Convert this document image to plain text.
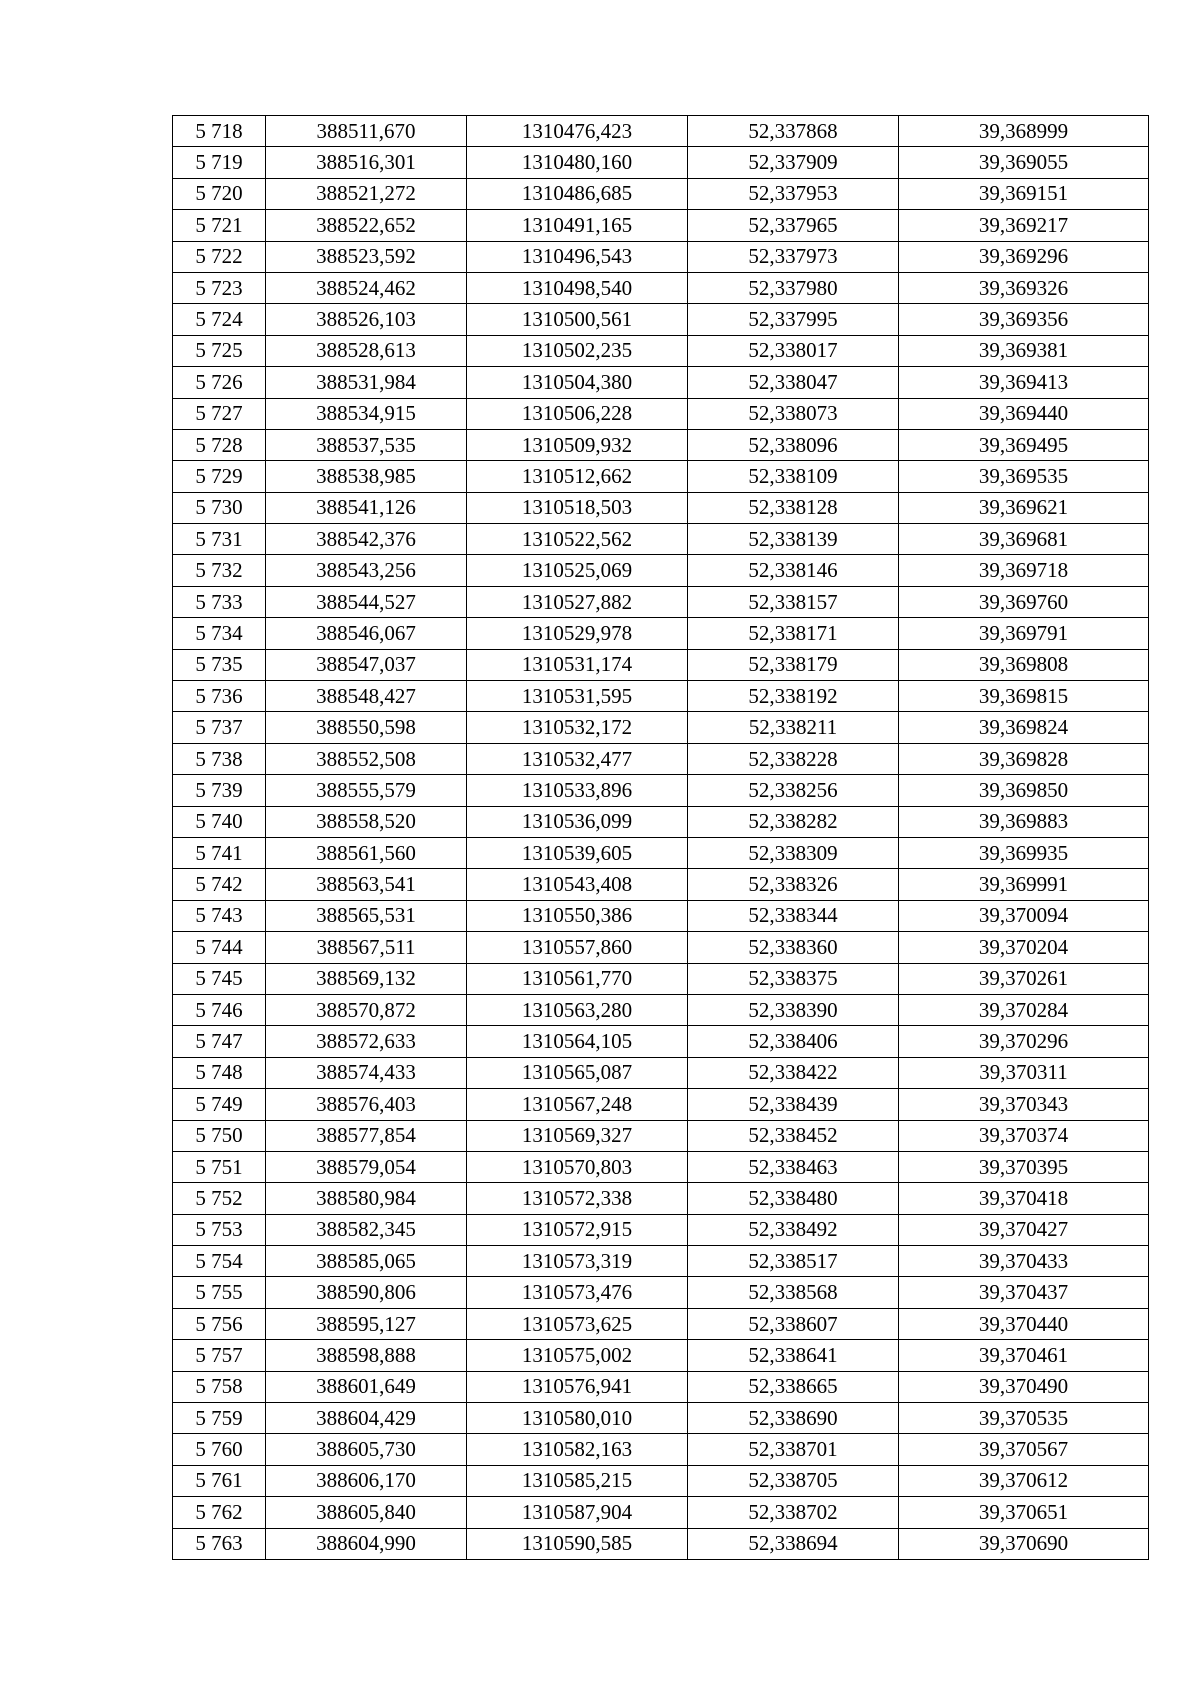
5 718	388511,670	1310476,423	52,337868	39,368999
5 719	388516,301	1310480,160	52,337909	39,369055
5 720	388521,272	1310486,685	52,337953	39,369151
5 721	388522,652	1310491,165	52,337965	39,369217
5 722	388523,592	1310496,543	52,337973	39,369296
5 723	388524,462	1310498,540	52,337980	39,369326
5 724	388526,103	1310500,561	52,337995	39,369356
5 725	388528,613	1310502,235	52,338017	39,369381
5 726	388531,984	1310504,380	52,338047	39,369413
5 727	388534,915	1310506,228	52,338073	39,369440
5 728	388537,535	1310509,932	52,338096	39,369495
5 729	388538,985	1310512,662	52,338109	39,369535
5 730	388541,126	1310518,503	52,338128	39,369621
5 731	388542,376	1310522,562	52,338139	39,369681
5 732	388543,256	1310525,069	52,338146	39,369718
5 733	388544,527	1310527,882	52,338157	39,369760
5 734	388546,067	1310529,978	52,338171	39,369791
5 735	388547,037	1310531,174	52,338179	39,369808
5 736	388548,427	1310531,595	52,338192	39,369815
5 737	388550,598	1310532,172	52,338211	39,369824
5 738	388552,508	1310532,477	52,338228	39,369828
5 739	388555,579	1310533,896	52,338256	39,369850
5 740	388558,520	1310536,099	52,338282	39,369883
5 741	388561,560	1310539,605	52,338309	39,369935
5 742	388563,541	1310543,408	52,338326	39,369991
5 743	388565,531	1310550,386	52,338344	39,370094
5 744	388567,511	1310557,860	52,338360	39,370204
5 745	388569,132	1310561,770	52,338375	39,370261
5 746	388570,872	1310563,280	52,338390	39,370284
5 747	388572,633	1310564,105	52,338406	39,370296
5 748	388574,433	1310565,087	52,338422	39,370311
5 749	388576,403	1310567,248	52,338439	39,370343
5 750	388577,854	1310569,327	52,338452	39,370374
5 751	388579,054	1310570,803	52,338463	39,370395
5 752	388580,984	1310572,338	52,338480	39,370418
5 753	388582,345	1310572,915	52,338492	39,370427
5 754	388585,065	1310573,319	52,338517	39,370433
5 755	388590,806	1310573,476	52,338568	39,370437
5 756	388595,127	1310573,625	52,338607	39,370440
5 757	388598,888	1310575,002	52,338641	39,370461
5 758	388601,649	1310576,941	52,338665	39,370490
5 759	388604,429	1310580,010	52,338690	39,370535
5 760	388605,730	1310582,163	52,338701	39,370567
5 761	388606,170	1310585,215	52,338705	39,370612
5 762	388605,840	1310587,904	52,338702	39,370651
5 763	388604,990	1310590,585	52,338694	39,370690
